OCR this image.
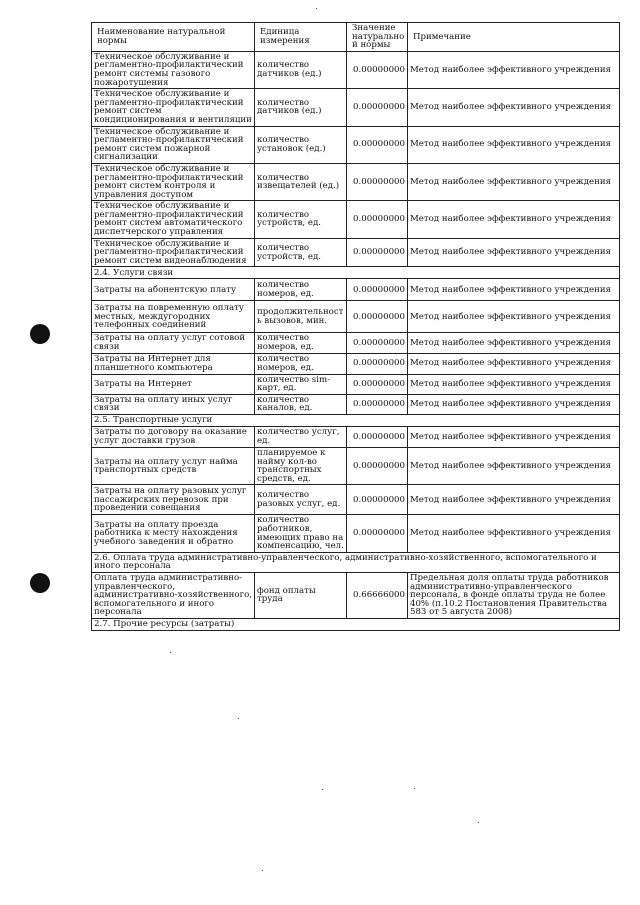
Наименование натуральной нормы	Единица измерения	Значение натуральной нормы	Примечание
Техническое обслуживание и регламентно-профилактический ремонт системы газового пожаротушения	количество датчиков (ед.)	0.00000000	Метод наиболее эффективного учреждения
Техническое обслуживание и регламентно-профилактический ремонт систем кондиционирования и вентиляции	количество датчиков (ед.)	0.00000000	Метод наиболее эффективного учреждения
Техническое обслуживание и регламентно-профилактический ремонт систем пожарной сигнализации	количество установок (ед.)	0.00000000	Метод наиболее эффективного учреждения
Техническое обслуживание и регламентно-профилактический ремонт систем контроля и управления доступом	количество извещателей (ед.)	0.00000000	Метод наиболее эффективного учреждения
Техническое обслуживание и регламентно-профилактический ремонт систем автоматического диспетчерского управления	количество устройств, ед.	0.00000000	Метод наиболее эффективного учреждения
Техническое обслуживание и регламентно-профилактический ремонт систем видеонаблюдения	количество устройств, ед.	0.00000000	Метод наиболее эффективного учреждения
2.4. Услуги связи			
Затраты на абонентскую плату	количество номеров, ед.	0.00000000	Метод наиболее эффективного учреждения
Затраты на повременную оплату местных, междугородних телефонных соединений	продолжительность вызовов, мин.	0.00000000	Метод наиболее эффективного учреждения
Затраты на оплату услуг сотовой связи	количество номеров, ед.	0.00000000	Метод наиболее эффективного учреждения
Затраты на Интернет для планшетного компьютера	количество номеров, ед.	0.00000000	Метод наиболее эффективного учреждения
Затраты на Интернет	количество sim-карт, ед.	0.00000000	Метод наиболее эффективного учреждения
Затраты на оплату иных услуг связи	количество каналов, ед.	0.00000000	Метод наиболее эффективного учреждения
2.5. Транспортные услуги			
Затраты по договору на оказание услуг доставки грузов	количество услуг, ед.	0.00000000	Метод наиболее эффективного учреждения
Затраты на оплату услуг найма транспортных средств	планируемое к найму кол-во транспортных средств, ед.	0.00000000	Метод наиболее эффективного учреждения
Затраты на оплату разовых услуг пассажирских перевозок при проведении совещания	количество разовых услуг, ед.	0.00000000	Метод наиболее эффективного учреждения
Затраты на оплату проезда работника к месту нахождения учебного заведения и обратно	количество работников, имеющих право на компенсацию, чел.	0.00000000	Метод наиболее эффективного учреждения
2.6. Оплата труда административно-управленческого, административно-хозяйственного, вспомогательного и иного персонала			
Оплата труда административно-управленческого, административно-хозяйственного, вспомогательного и иного персонала	фонд оплаты труда	0.66666000	Предельная доля оплаты труда работников административно-управленческого персонала, в фонде оплаты труда не более 40% (п.10.2 Постановления Правительства 583 от 5 августа 2008)
2.7. Прочие ресурсы (затраты)			
